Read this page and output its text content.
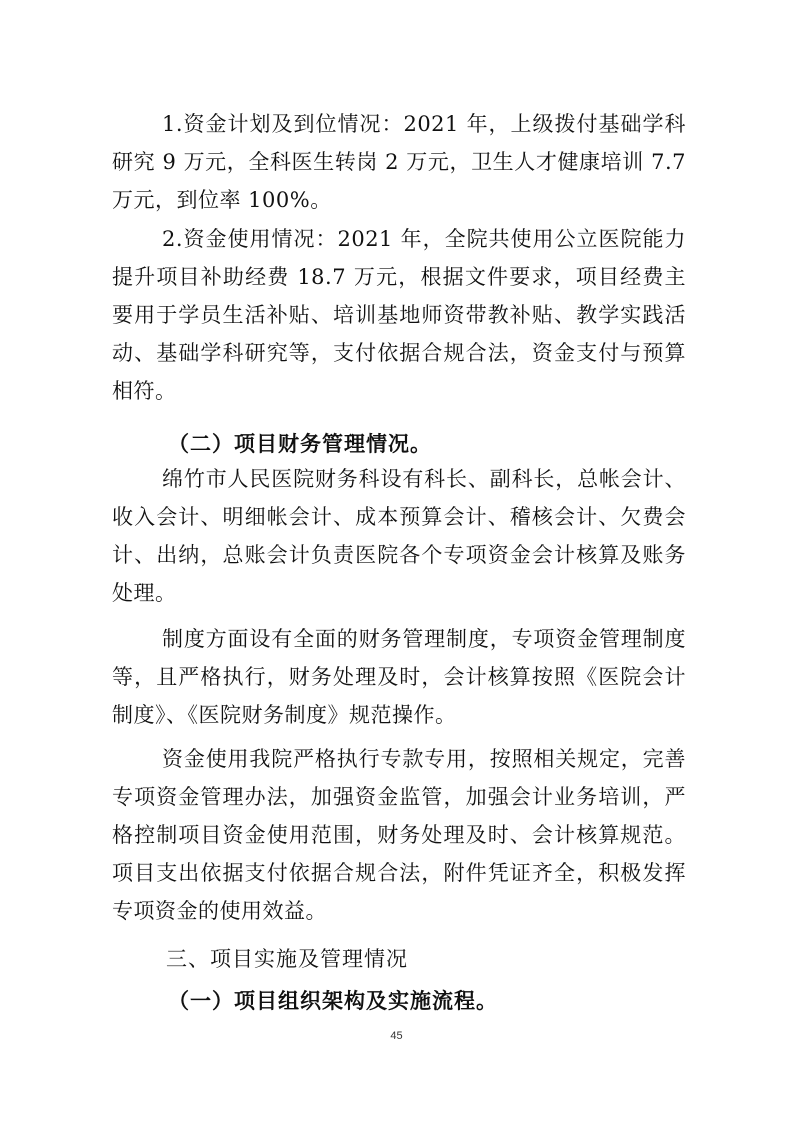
1.资金计划及到位情况：2021 年，上级拨付基础学科研究 9 万元，全科医生转岗 2 万元，卫生人才健康培训 7.7 万元，到位率 100%。

2.资金使用情况：2021 年，全院共使用公立医院能力提升项目补助经费 18.7 万元，根据文件要求，项目经费主要用于学员生活补贴、培训基地师资带教补贴、教学实践活动、基础学科研究等，支付依据合规合法，资金支付与预算相符。

（二）项目财务管理情况。

绵竹市人民医院财务科设有科长、副科长，总帐会计、收入会计、明细帐会计、成本预算会计、稽核会计、欠费会计、出纳，总账会计负责医院各个专项资金会计核算及账务处理。

制度方面设有全面的财务管理制度，专项资金管理制度等，且严格执行，财务处理及时，会计核算按照《医院会计制度》、《医院财务制度》规范操作。

资金使用我院严格执行专款专用，按照相关规定，完善专项资金管理办法，加强资金监管，加强会计业务培训，严格控制项目资金使用范围，财务处理及时、会计核算规范。项目支出依据支付依据合规合法，附件凭证齐全，积极发挥专项资金的使用效益。

三、项目实施及管理情况

（一）项目组织架构及实施流程。

45
